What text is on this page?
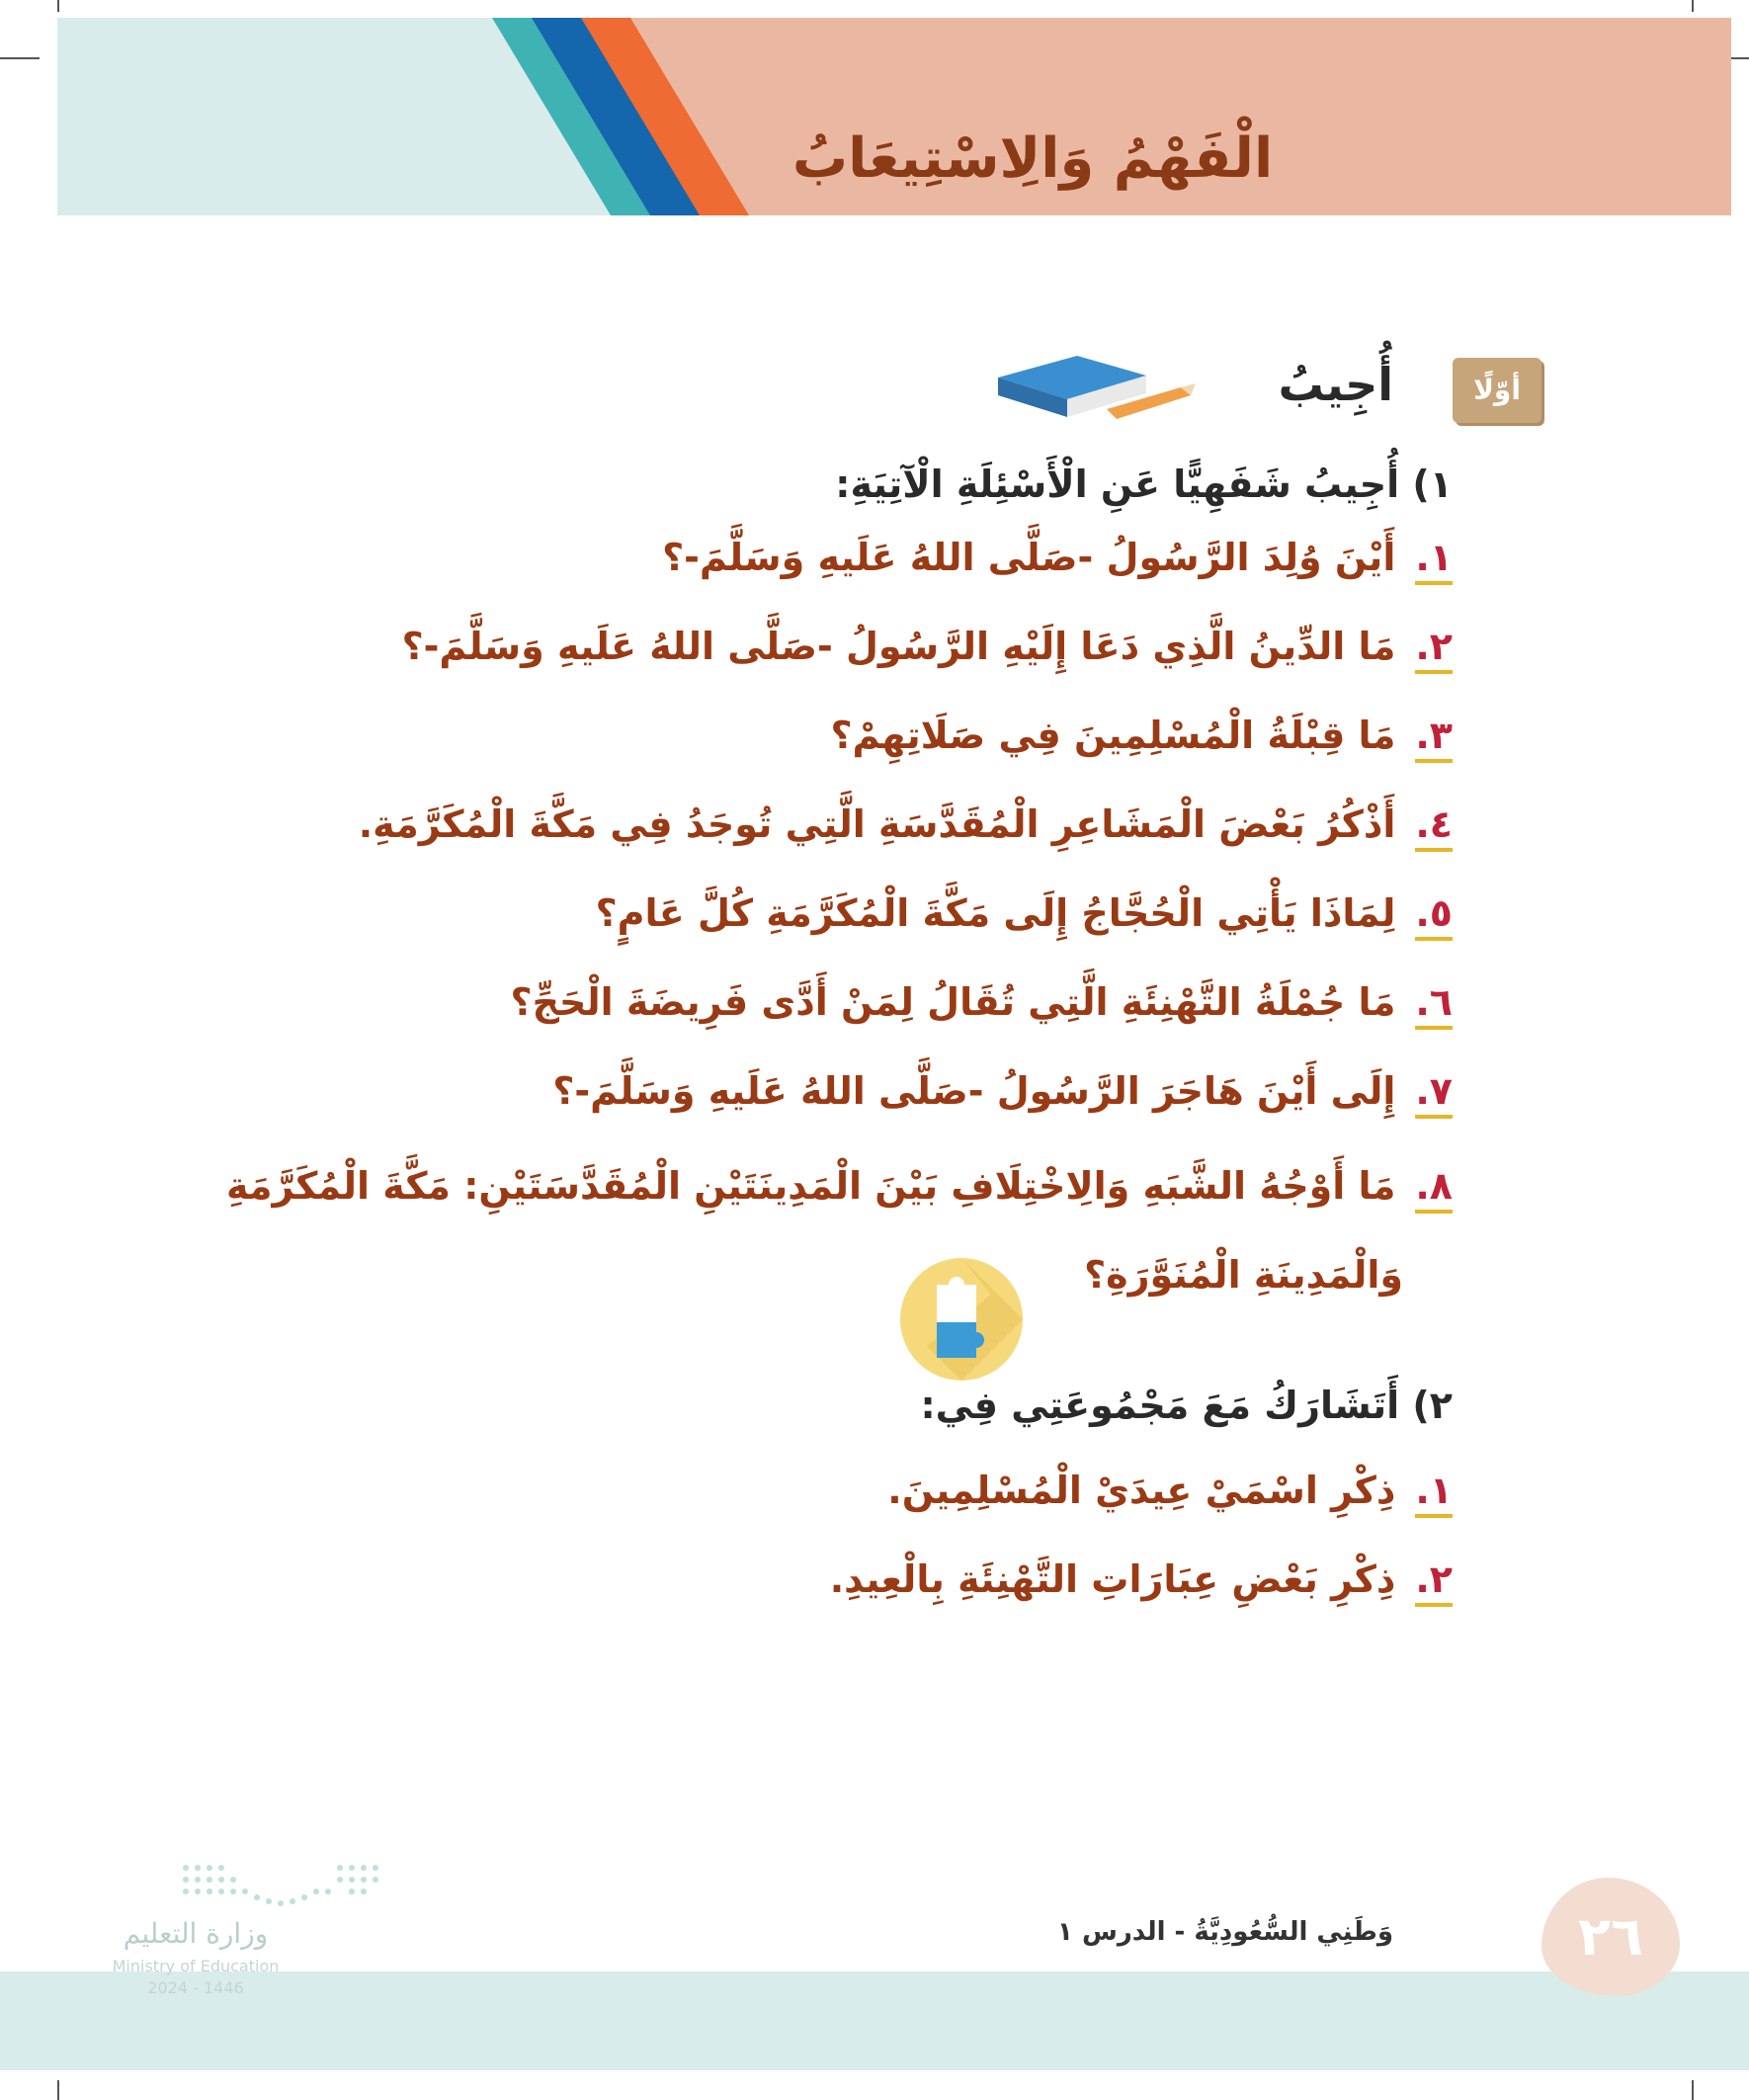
الْفَهْمُ وَالِاسْتِيعَابُ
أوّلًا
أُجِيبُ
١) أُجِيبُ شَفَهِيًّا عَنِ الْأَسْئِلَةِ الْآتِيَةِ:
١.أَيْنَ وُلِدَ الرَّسُولُ -صَلَّى اللهُ عَلَيهِ وَسَلَّمَ-؟
٢.مَا الدِّينُ الَّذِي دَعَا إِلَيْهِ الرَّسُولُ -صَلَّى اللهُ عَلَيهِ وَسَلَّمَ-؟
٣.مَا قِبْلَةُ الْمُسْلِمِينَ فِي صَلَاتِهِمْ؟
٤.أَذْكُرُ بَعْضَ الْمَشَاعِرِ الْمُقَدَّسَةِ الَّتِي تُوجَدُ فِي مَكَّةَ الْمُكَرَّمَةِ.
٥.لِمَاذَا يَأْتِي الْحُجَّاجُ إِلَى مَكَّةَ الْمُكَرَّمَةِ كُلَّ عَامٍ؟
٦.مَا جُمْلَةُ التَّهْنِئَةِ الَّتِي تُقَالُ لِمَنْ أَدَّى فَرِيضَةَ الْحَجِّ؟
٧.إِلَى أَيْنَ هَاجَرَ الرَّسُولُ -صَلَّى اللهُ عَلَيهِ وَسَلَّمَ-؟
٨.مَا أَوْجُهُ الشَّبَهِ وَالِاخْتِلَافِ بَيْنَ الْمَدِينَتَيْنِ الْمُقَدَّسَتَيْنِ: مَكَّةَ الْمُكَرَّمَةِ
وَالْمَدِينَةِ الْمُنَوَّرَةِ؟
٢) أَتَشَارَكُ مَعَ مَجْمُوعَتِي فِي:
١.ذِكْرِ اسْمَيْ عِيدَيْ الْمُسْلِمِينَ.
٢.ذِكْرِ بَعْضِ عِبَارَاتِ التَّهْنِئَةِ بِالْعِيدِ.
٢٦
وَطَنِي السُّعُودِيَّةُ - الدرس ١
وزارة التعليم
Ministry of Education
2024 - 1446
